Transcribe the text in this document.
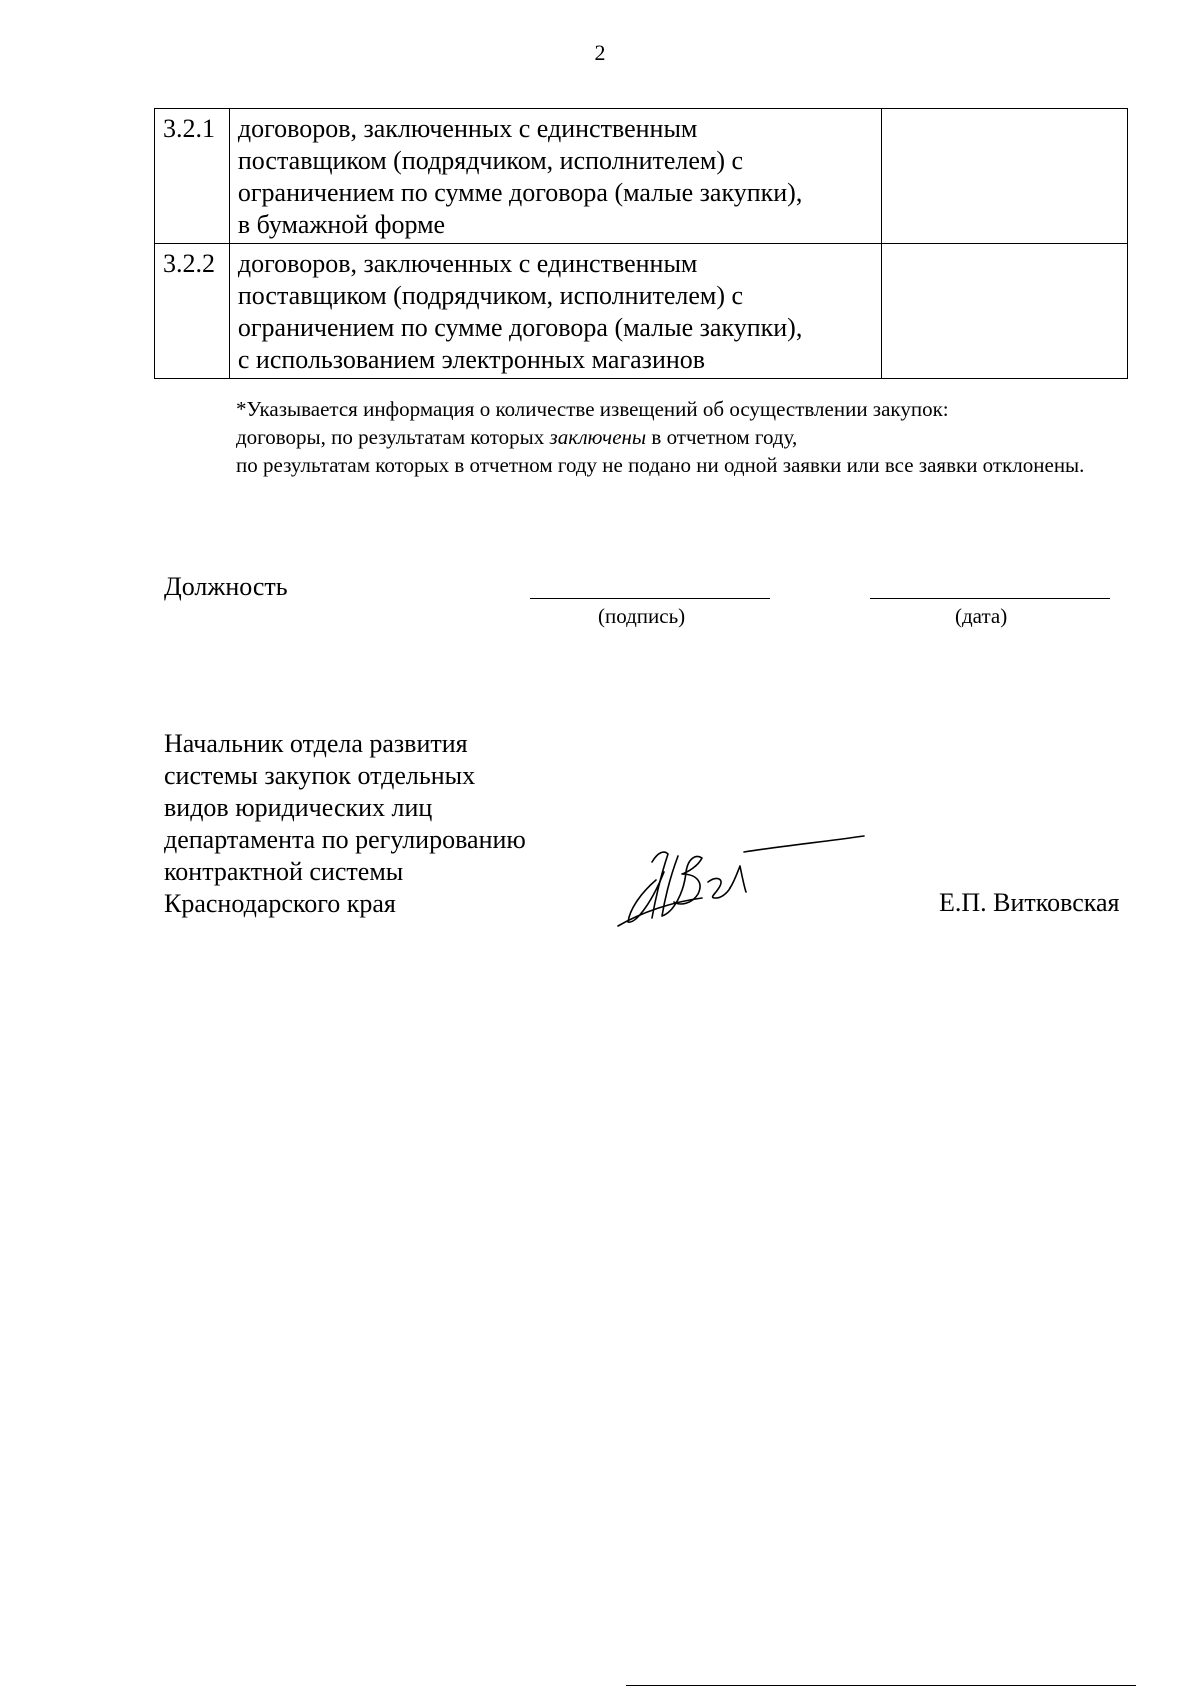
2
3.2.1	договоров, заключенных с единственным
поставщиком (подрядчиком, исполнителем) с
ограничением по сумме договора (малые закупки),
в бумажной форме	

3.2.2	договоров, заключенных с единственным
поставщиком (подрядчиком, исполнителем) с
ограничением по сумме договора (малые закупки),
с использованием электронных магазинов	

*Указывается информация о количестве извещений об осуществлении закупок:
договоры, по результатам которых заключены в отчетном году,
по результатам которых в отчетном году не подано ни одной заявки или все заявки отклонены.
Должность
(подпись)	(дата)
Начальник отдела развития
системы закупок отдельных
видов юридических лиц
департамента по регулированию
контрактной системы
Краснодарского края	Е.П. Витковская
